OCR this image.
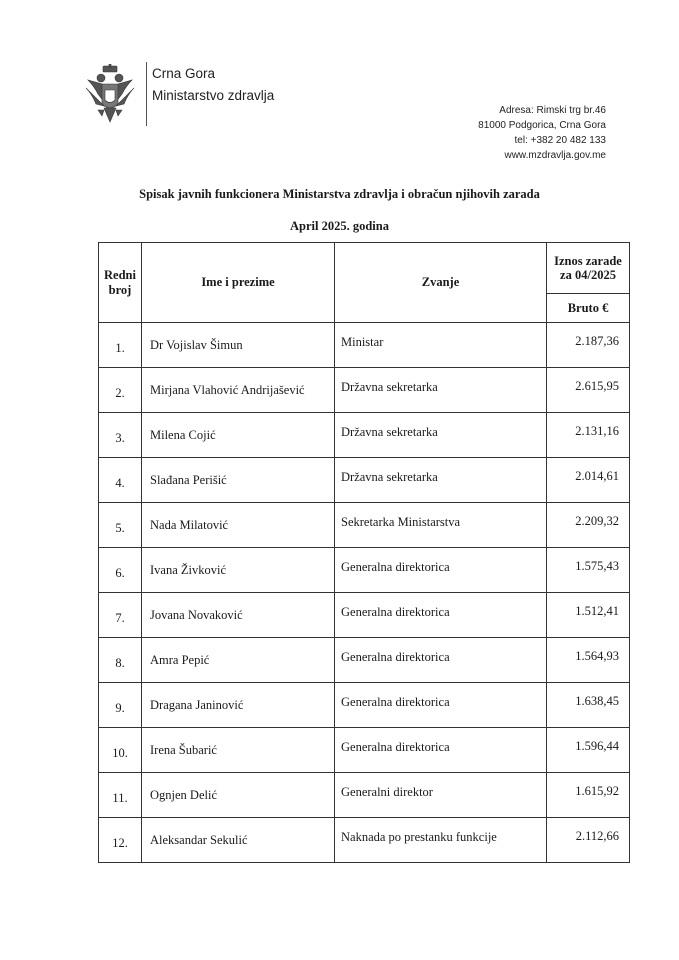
Crna Gora
Ministarstvo zdravlja
Adresa: Rimski trg br.46
81000 Podgorica, Crna Gora
tel: +382 20 482 133
www.mzdravlja.gov.me
Spisak javnih funkcionera Ministarstva zdravlja i obračun njihovih zarada
April 2025. godina
Redni broj	Ime i prezime	Zvanje	Iznos zarade za 04/2025
			Bruto €
1.	Dr Vojislav Šimun	Ministar	2.187,36
2.	Mirjana Vlahović Andrijašević	Državna sekretarka	2.615,95
3.	Milena Cojić	Državna sekretarka	2.131,16
4.	Slađana Perišić	Državna sekretarka	2.014,61
5.	Nada Milatović	Sekretarka Ministarstva	2.209,32
6.	Ivana Živković	Generalna direktorica	1.575,43
7.	Jovana Novaković	Generalna direktorica	1.512,41
8.	Amra Pepić	Generalna direktorica	1.564,93
9.	Dragana Janinović	Generalna direktorica	1.638,45
10.	Irena Šubarić	Generalna direktorica	1.596,44
11.	Ognjen Delić	Generalni direktor	1.615,92
12.	Aleksandar Sekulić	Naknada po prestanku funkcije	2.112,66
